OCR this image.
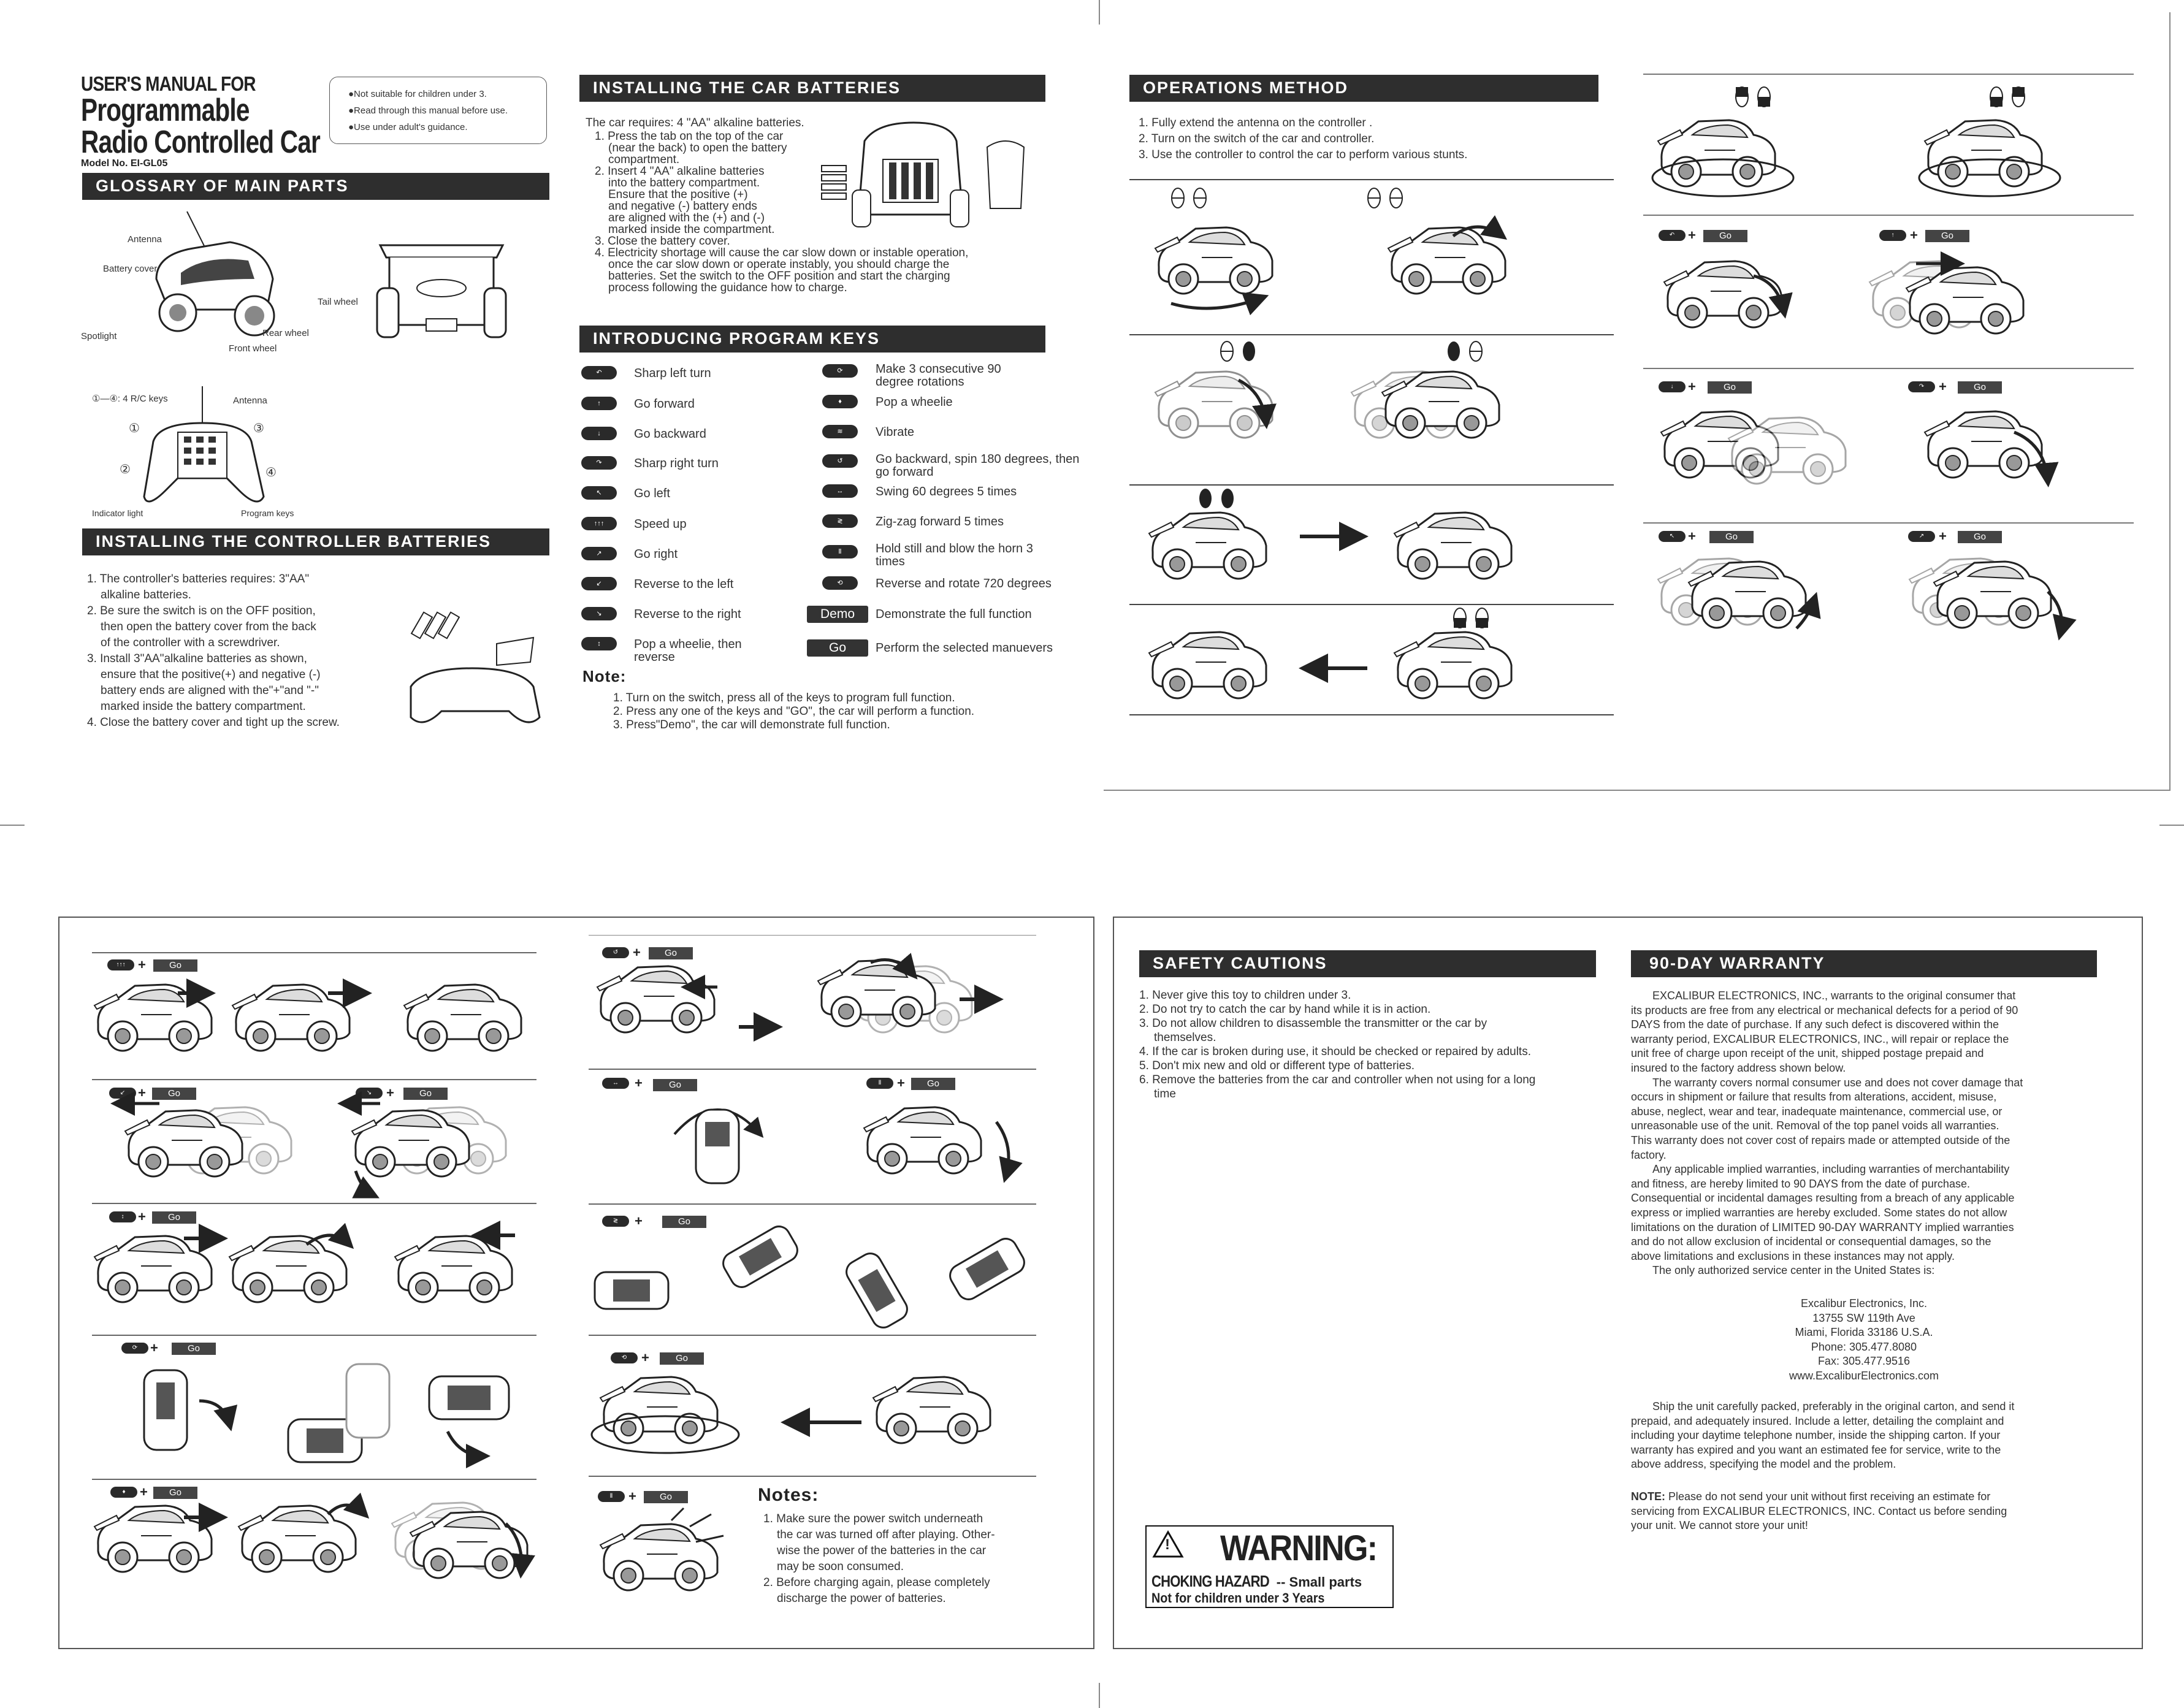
USER'S MANUAL FOR
Programmable
Radio Controlled Car
Model No. EI-GL05
●Not suitable for children under 3.
●Read through this manual before use.
●Use under adult's guidance.
GLOSSARY OF MAIN PARTS
Antenna
Battery cover
Tail wheel
Spotlight	Rear wheel
Front wheel
①—④: 4 R/C keys	Antenna
①
②
③
④
Indicator light	Program keys
INSTALLING THE CONTROLLER BATTERIES
1. The controller's batteries requires: 3"AA"
alkaline batteries.
2. Be sure the switch is on the OFF position,
then open the battery cover from the back
of the controller with a screwdriver.
3. Install 3"AA"alkaline batteries as shown,
ensure that the positive(+) and negative (-)
battery ends are aligned with the"+"and "-"
marked inside the battery compartment.
4. Close the battery cover and tight up the screw.
INSTALLING THE CAR BATTERIES
The car requires: 4 "AA" alkaline batteries.
1. Press the tab on the top of the car
(near the back) to open the battery
compartment.
2. Insert 4 "AA" alkaline batteries
into the battery compartment.
Ensure that the positive (+)
and negative (-) battery ends
are aligned with the (+) and (-)
marked inside the compartment.
3. Close the battery cover.
4. Electricity shortage will cause the car slow down or instable operation,
once the car slow down or operate instably, you should charge the
batteries. Set the switch to the OFF position and start the charging
process following the guidance how to charge.
INTRODUCING PROGRAM KEYS
↶	Sharp left turn
↑	Go forward
↓	Go backward
↷	Sharp right turn
↖	Go left
↑↑↑	Speed up
↗	Go right
↙	Reverse to the left
↘	Reverse to the right
↕	Pop a wheelie, then reverse
⟳	Make 3 consecutive 90 degree rotations
♦	Pop a wheelie
≋	Vibrate
↺	Go backward, spin 180 degrees, then go forward
↔	Swing 60 degrees 5 times
≷	Zig-zag forward 5 times
Ⅱ	Hold still and blow the horn 3 times
⟲	Reverse and rotate 720 degrees
Demo	Demonstrate the full function
Go	Perform the selected manuevers
Note:
1. Turn on the switch, press all of the keys to program full function.
2. Press any one of the keys and "GO", the car will perform a function.
3. Press"Demo", the car will demonstrate full function.
OPERATIONS METHOD
1. Fully extend the antenna on the controller .
2. Turn on the switch of the car and controller.
3. Use the controller to control the car to perform various stunts.
↶ +	Go	↑	+	Go
↓	+	Go	↷	+	Go
↖ +	Go	↗	+	Go
↑↑↑ +	Go
↙ +	Go	↘	+	Go
↕	+	Go
⟳ +	Go
♦	+	Go
↺	+	Go
↔	+	Go	Ⅱ	+	Go
≷	+	Go
⟲	+	Go
Ⅱ	+	Go	Notes:
1. Make sure the power switch underneath
the car was turned off after playing. Other-
wise the power of the batteries in the car
may be soon consumed.
2. Before charging again, please completely
discharge the power of batteries.
SAFETY CAUTIONS
1. Never give this toy to children under 3.
2. Do not try to catch the car by hand while it is in action.
3. Do not allow children to disassemble the transmitter or the car by
themselves.
4. If the car is broken during use, it should be checked or repaired by adults.
5. Don't mix new and old or different type of batteries.
6. Remove the batteries from the car and controller when not using for a long
time
! WARNING:
CHOKING HAZARD -- Small parts
Not for children under 3 Years
90-DAY WARRANTY
EXCALIBUR ELECTRONICS, INC., warrants to the original consumer that
its products are free from any electrical or mechanical defects for a period of 90
DAYS from the date of purchase. If any such defect is discovered within the
warranty period, EXCALIBUR ELECTRONICS, INC., will repair or replace the
unit free of charge upon receipt of the unit, shipped postage prepaid and
insured to the factory address shown below.
The warranty covers normal consumer use and does not cover damage that
occurs in shipment or failure that results from alterations, accident, misuse,
abuse, neglect, wear and tear, inadequate maintenance, commercial use, or
unreasonable use of the unit. Removal of the top panel voids all warranties.
This warranty does not cover cost of repairs made or attempted outside of the
factory.
Any applicable implied warranties, including warranties of merchantability
and fitness, are hereby limited to 90 DAYS from the date of purchase.
Consequential or incidental damages resulting from a breach of any applicable
express or implied warranties are hereby excluded. Some states do not allow
limitations on the duration of LIMITED 90-DAY WARRANTY implied warranties
and do not allow exclusion of incidental or consequential damages, so the
above limitations and exclusions in these instances may not apply.
The only authorized service center in the United States is:
Excalibur Electronics, Inc.
13755 SW 119th Ave
Miami, Florida 33186 U.S.A.
Phone: 305.477.8080
Fax: 305.477.9516
www.ExcaliburElectronics.com
Ship the unit carefully packed, preferably in the original carton, and send it
prepaid, and adequately insured. Include a letter, detailing the complaint and
including your daytime telephone number, inside the shipping carton. If your
warranty has expired and you want an estimated fee for service, write to the
above address, specifying the model and the problem.
NOTE: Please do not send your unit without first receiving an estimate for
servicing from EXCALIBUR ELECTRONICS, INC. Contact us before sending
your unit. We cannot store your unit!
